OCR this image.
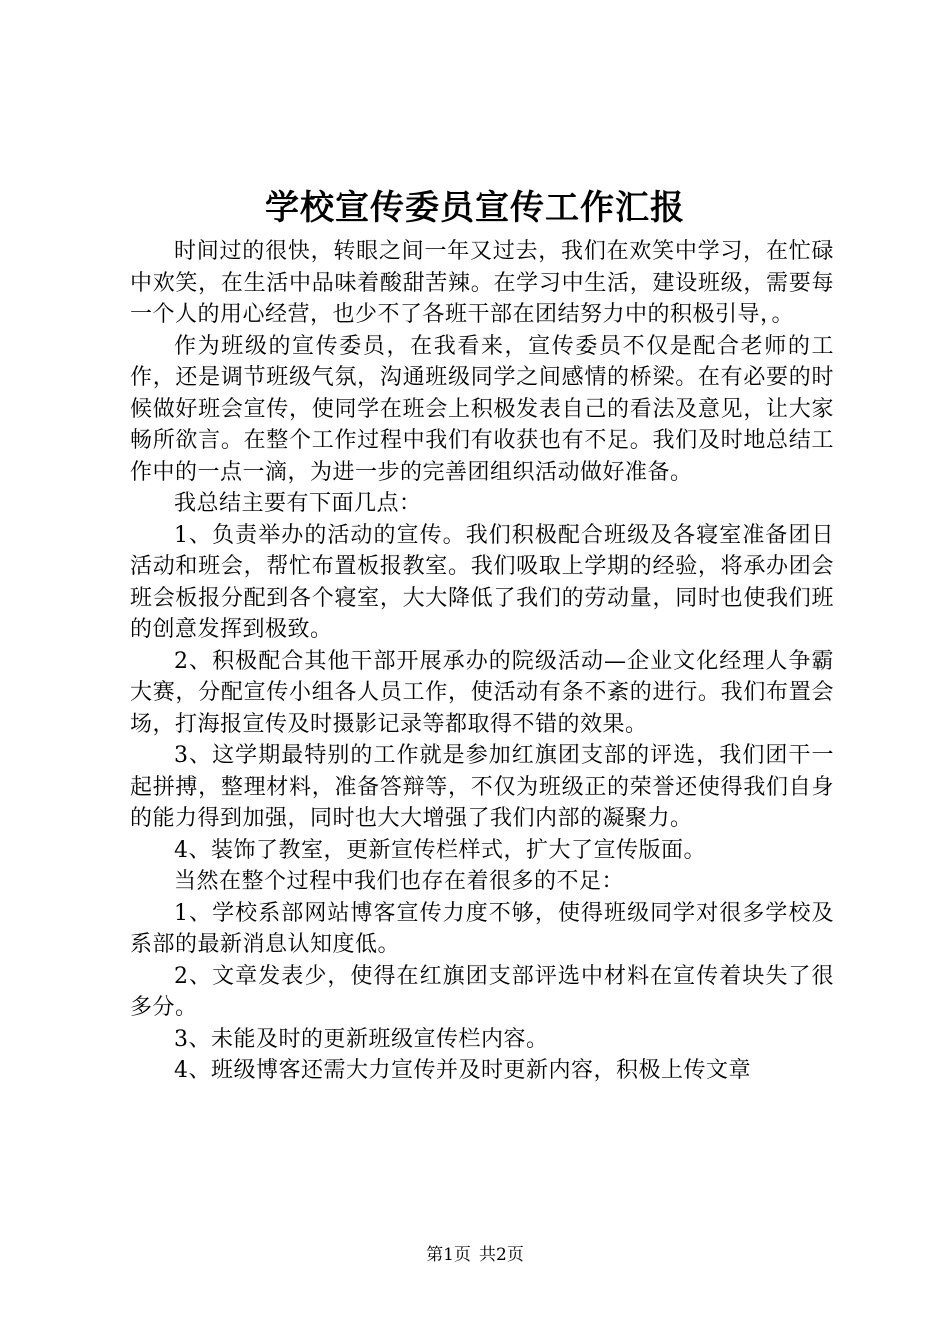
学校宣传委员宣传工作汇报

时间过的很快，转眼之间一年又过去，我们在欢笑中学习，在忙碌中欢笑，在生活中品味着酸甜苦辣。在学习中生活，建设班级，需要每一个人的用心经营，也少不了各班干部在团结努力中的积极引导，。

作为班级的宣传委员，在我看来，宣传委员不仅是配合老师的工作，还是调节班级气氛，沟通班级同学之间感情的桥梁。在有必要的时候做好班会宣传，使同学在班会上积极发表自己的看法及意见，让大家畅所欲言。在整个工作过程中我们有收获也有不足。我们及时地总结工作中的一点一滴，为进一步的完善团组织活动做好准备。

我总结主要有下面几点：

1、负责举办的活动的宣传。我们积极配合班级及各寝室准备团日活动和班会，帮忙布置板报教室。我们吸取上学期的经验，将承办团会班会板报分配到各个寝室，大大降低了我们的劳动量，同时也使我们班的创意发挥到极致。

2、积极配合其他干部开展承办的院级活动—企业文化经理人争霸大赛，分配宣传小组各人员工作，使活动有条不紊的进行。我们布置会场，打海报宣传及时摄影记录等都取得不错的效果。

3、这学期最特别的工作就是参加红旗团支部的评选，我们团干一起拼搏，整理材料，准备答辩等，不仅为班级正的荣誉还使得我们自身的能力得到加强，同时也大大增强了我们内部的凝聚力。

4、装饰了教室，更新宣传栏样式，扩大了宣传版面。

当然在整个过程中我们也存在着很多的不足：

1、学校系部网站博客宣传力度不够，使得班级同学对很多学校及系部的最新消息认知度低。

2、文章发表少，使得在红旗团支部评选中材料在宣传着块失了很多分。

3、未能及时的更新班级宣传栏内容。

4、班级博客还需大力宣传并及时更新内容，积极上传文章

第1页 共2页
